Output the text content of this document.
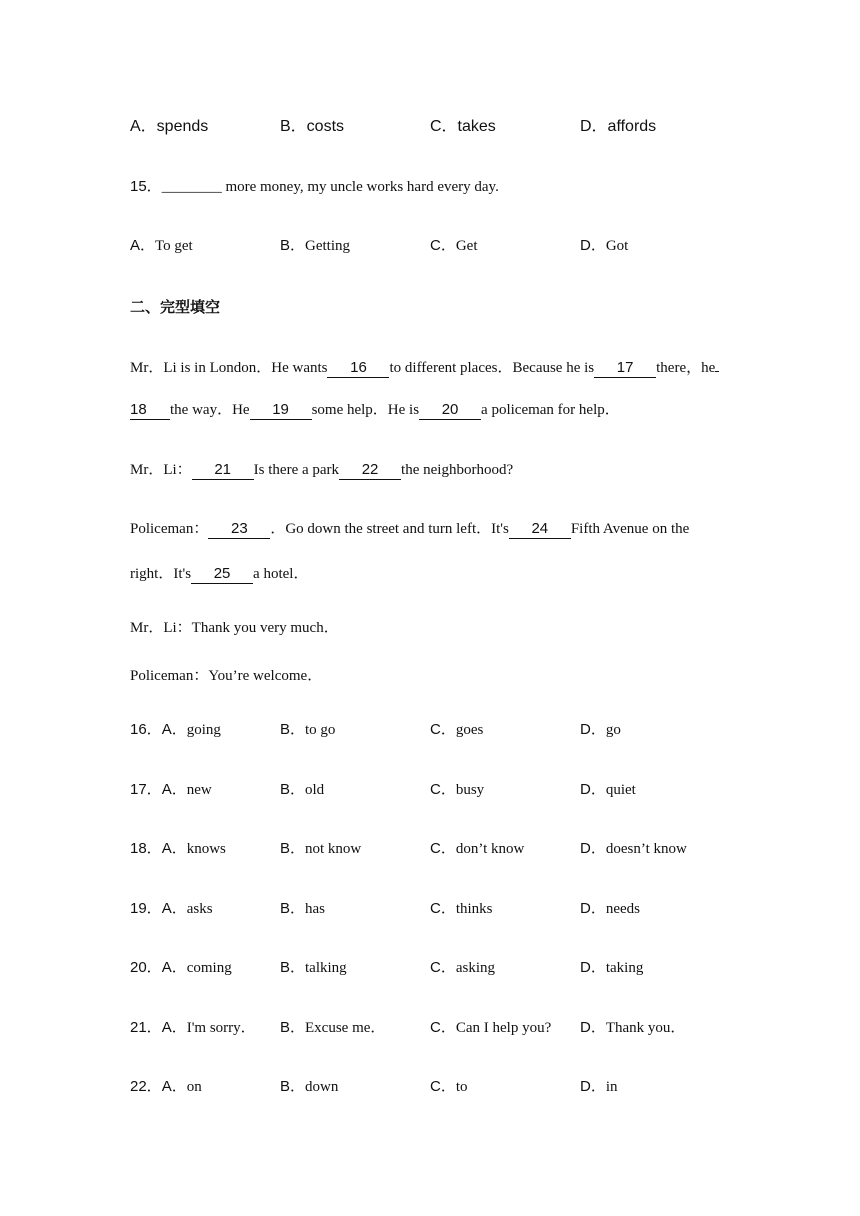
A．spends	B．costs	C．takes	D．affords
15．________ more money, my uncle works hard every day.
A．To get	B．Getting	C．Get	D．Got
二、完型填空
Mr．Li is in London．He wants 16 to different places．Because he is 17 there，he
18 the way．He 19 some help．He is 20 a policeman for help．
Mr．Li： 21 Is there a park 22 the neighborhood?
Policeman： 23 ．Go down the street and turn left．It's 24 Fifth Avenue on the
right．It's 25 a hotel．
Mr．Li：Thank you very much．
Policeman：You’re welcome．
16．A．going	B．to go	C．goes	D．go
17．A．new	B．old	C．busy	D．quiet
18．A．knows	B．not know	C．don’t know	D．doesn’t know
19．A．asks	B．has	C．thinks	D．needs
20．A．coming	B．talking	C．asking	D．taking
21．A．I'm sorry． B．Excuse me．	C．Can I help you? D．Thank you．
22．A．on	B．down	C．to	D．in
